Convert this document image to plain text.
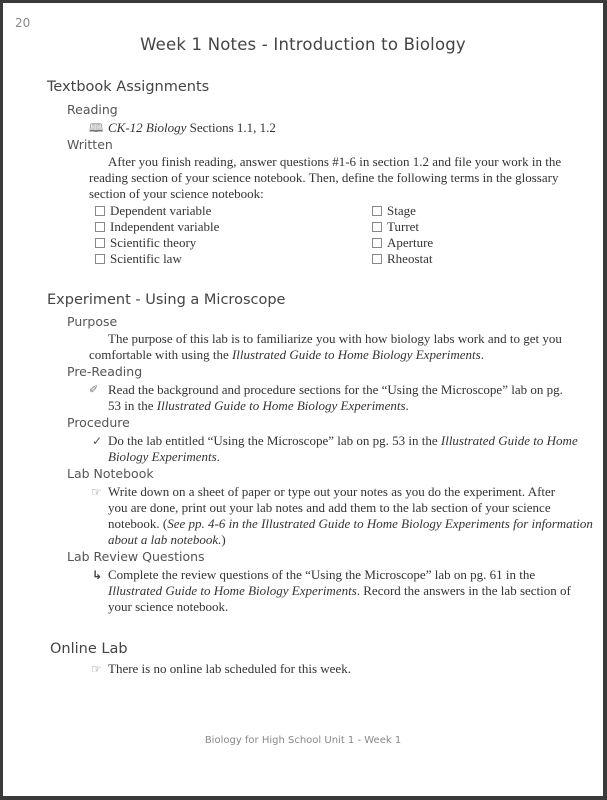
20
Week 1 Notes - Introduction to Biology
Textbook Assignments
Reading
🕮 CK-12 Biology Sections 1.1, 1.2
Written
After you finish reading, answer questions #1-6 in section 1.2 and file your work in the
reading section of your science notebook. Then, define the following terms in the glossary
section of your science notebook:
Dependent variable
Independent variable
Scientific theory
Scientific law
Stage
Turret
Aperture
Rheostat
Experiment - Using a Microscope
Purpose
The purpose of this lab is to familiarize you with how biology labs work and to get you
comfortable with using the Illustrated Guide to Home Biology Experiments.
Pre-Reading
✐ Read the background and procedure sections for the “Using the Microscope” lab on pg.
53 in the Illustrated Guide to Home Biology Experiments.
Procedure
✓ Do the lab entitled “Using the Microscope” lab on pg. 53 in the Illustrated Guide to Home
Biology Experiments.
Lab Notebook
☞ Write down on a sheet of paper or type out your notes as you do the experiment. After
you are done, print out your lab notes and add them to the lab section of your science
notebook. (See pp. 4-6 in the Illustrated Guide to Home Biology Experiments for information
about a lab notebook.)
Lab Review Questions
↳ Complete the review questions of the “Using the Microscope” lab on pg. 61 in the
Illustrated Guide to Home Biology Experiments. Record the answers in the lab section of
your science notebook.
Online Lab
☞ There is no online lab scheduled for this week.
Biology for High School Unit 1 - Week 1
